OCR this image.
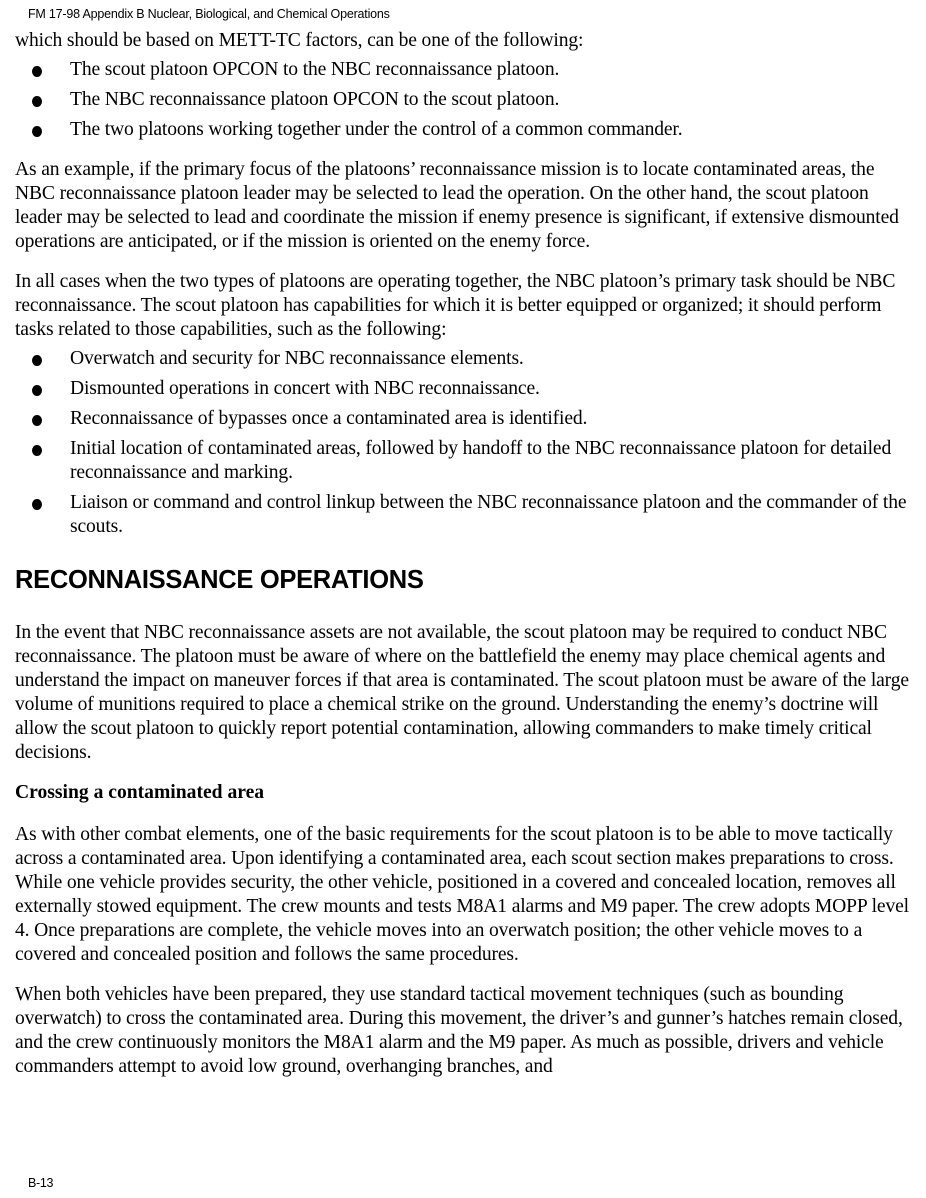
FM 17-98 Appendix B Nuclear, Biological, and Chemical Operations

which should be based on METT-TC factors, can be one of the following:

The scout platoon OPCON to the NBC reconnaissance platoon.
The NBC reconnaissance platoon OPCON to the scout platoon.
The two platoons working together under the control of a common commander.

As an example, if the primary focus of the platoons’ reconnaissance mission is to locate contaminated areas, the NBC reconnaissance platoon leader may be selected to lead the operation. On the other hand, the scout platoon leader may be selected to lead and coordinate the mission if enemy presence is significant, if extensive dismounted operations are anticipated, or if the mission is oriented on the enemy force.

In all cases when the two types of platoons are operating together, the NBC platoon’s primary task should be NBC reconnaissance. The scout platoon has capabilities for which it is better equipped or organized; it should perform tasks related to those capabilities, such as the following:

Overwatch and security for NBC reconnaissance elements.
Dismounted operations in concert with NBC reconnaissance.
Reconnaissance of bypasses once a contaminated area is identified.
Initial location of contaminated areas, followed by handoff to the NBC reconnaissance platoon for detailed reconnaissance and marking.
Liaison or command and control linkup between the NBC reconnaissance platoon and the commander of the scouts.
RECONNAISSANCE OPERATIONS

In the event that NBC reconnaissance assets are not available, the scout platoon may be required to conduct NBC reconnaissance. The platoon must be aware of where on the battlefield the enemy may place chemical agents and understand the impact on maneuver forces if that area is contaminated. The scout platoon must be aware of the large volume of munitions required to place a chemical strike on the ground. Understanding the enemy’s doctrine will allow the scout platoon to quickly report potential contamination, allowing commanders to make timely critical decisions.

Crossing a contaminated area

As with other combat elements, one of the basic requirements for the scout platoon is to be able to move tactically across a contaminated area. Upon identifying a contaminated area, each scout section makes preparations to cross. While one vehicle provides security, the other vehicle, positioned in a covered and concealed location, removes all externally stowed equipment. The crew mounts and tests M8A1 alarms and M9 paper. The crew adopts MOPP level 4. Once preparations are complete, the vehicle moves into an overwatch position; the other vehicle moves to a covered and concealed position and follows the same procedures.

When both vehicles have been prepared, they use standard tactical movement techniques (such as bounding overwatch) to cross the contaminated area. During this movement, the driver’s and gunner’s hatches remain closed, and the crew continuously monitors the M8A1 alarm and the M9 paper. As much as possible, drivers and vehicle commanders attempt to avoid low ground, overhanging branches, and

B-13
